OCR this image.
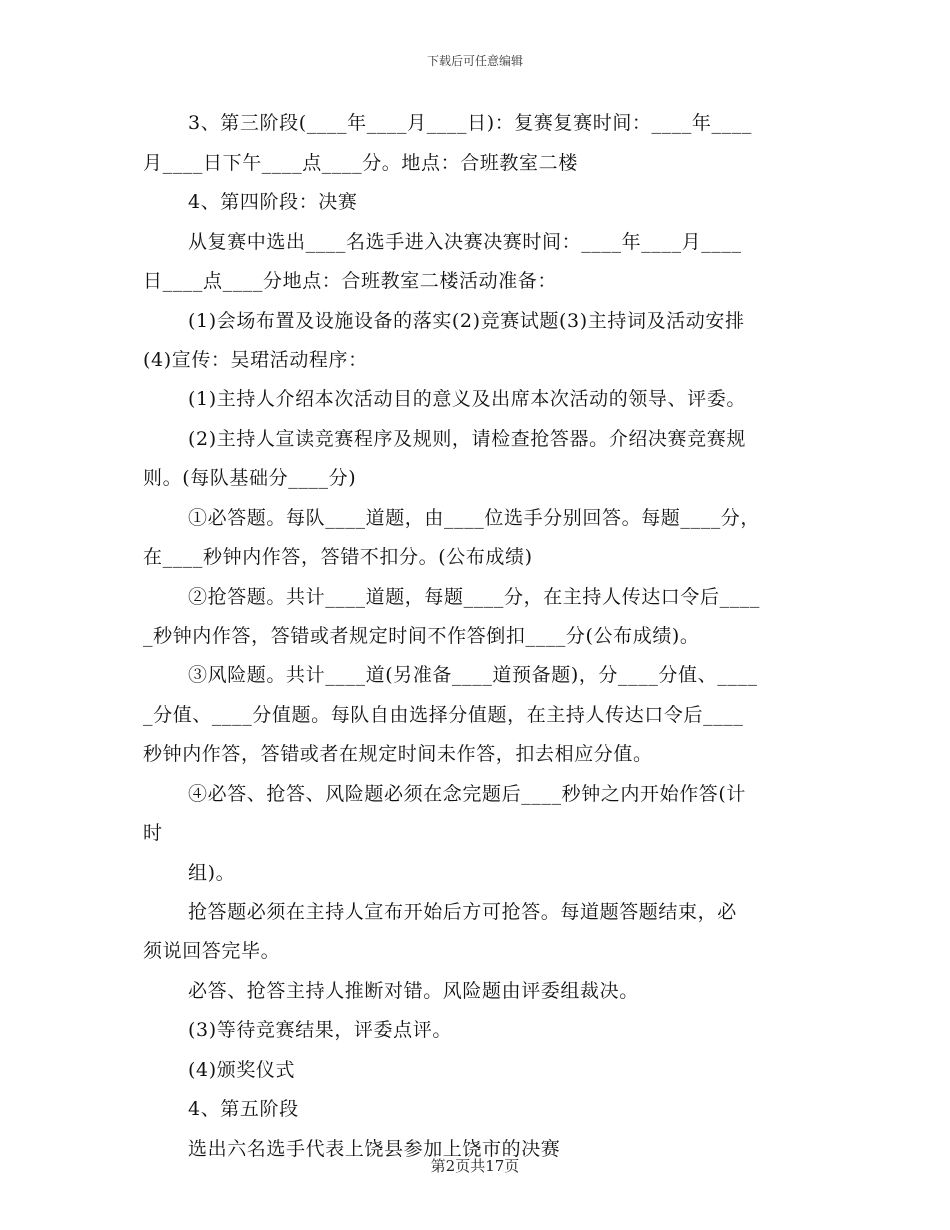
下载后可任意编辑
3、第三阶段(____年____月____日)：复赛复赛时间：____年____
月____日下午____点____分。地点：合班教室二楼
4、第四阶段：决赛
从复赛中选出____名选手进入决赛决赛时间：____年____月____
日____点____分地点：合班教室二楼活动准备：
(1)会场布置及设施设备的落实(2)竞赛试题(3)主持词及活动安排
(4)宣传：吴珺活动程序：
(1)主持人介绍本次活动目的意义及出席本次活动的领导、评委。
(2)主持人宣读竞赛程序及规则，请检查抢答器。介绍决赛竞赛规
则。(每队基础分____分)
①必答题。每队____道题，由____位选手分别回答。每题____分，
在____秒钟内作答，答错不扣分。(公布成绩)
②抢答题。共计____道题，每题____分，在主持人传达口令后____
_秒钟内作答，答错或者规定时间不作答倒扣____分(公布成绩)。
③风险题。共计____道(另准备____道预备题)，分____分值、____
_分值、____分值题。每队自由选择分值题，在主持人传达口令后____
秒钟内作答，答错或者在规定时间未作答，扣去相应分值。
④必答、抢答、风险题必须在念完题后____秒钟之内开始作答(计
时
组)。
抢答题必须在主持人宣布开始后方可抢答。每道题答题结束，必
须说回答完毕。
必答、抢答主持人推断对错。风险题由评委组裁决。
(3)等待竞赛结果，评委点评。
(4)颁奖仪式
4、第五阶段
选出六名选手代表上饶县参加上饶市的决赛
第2页共17页
